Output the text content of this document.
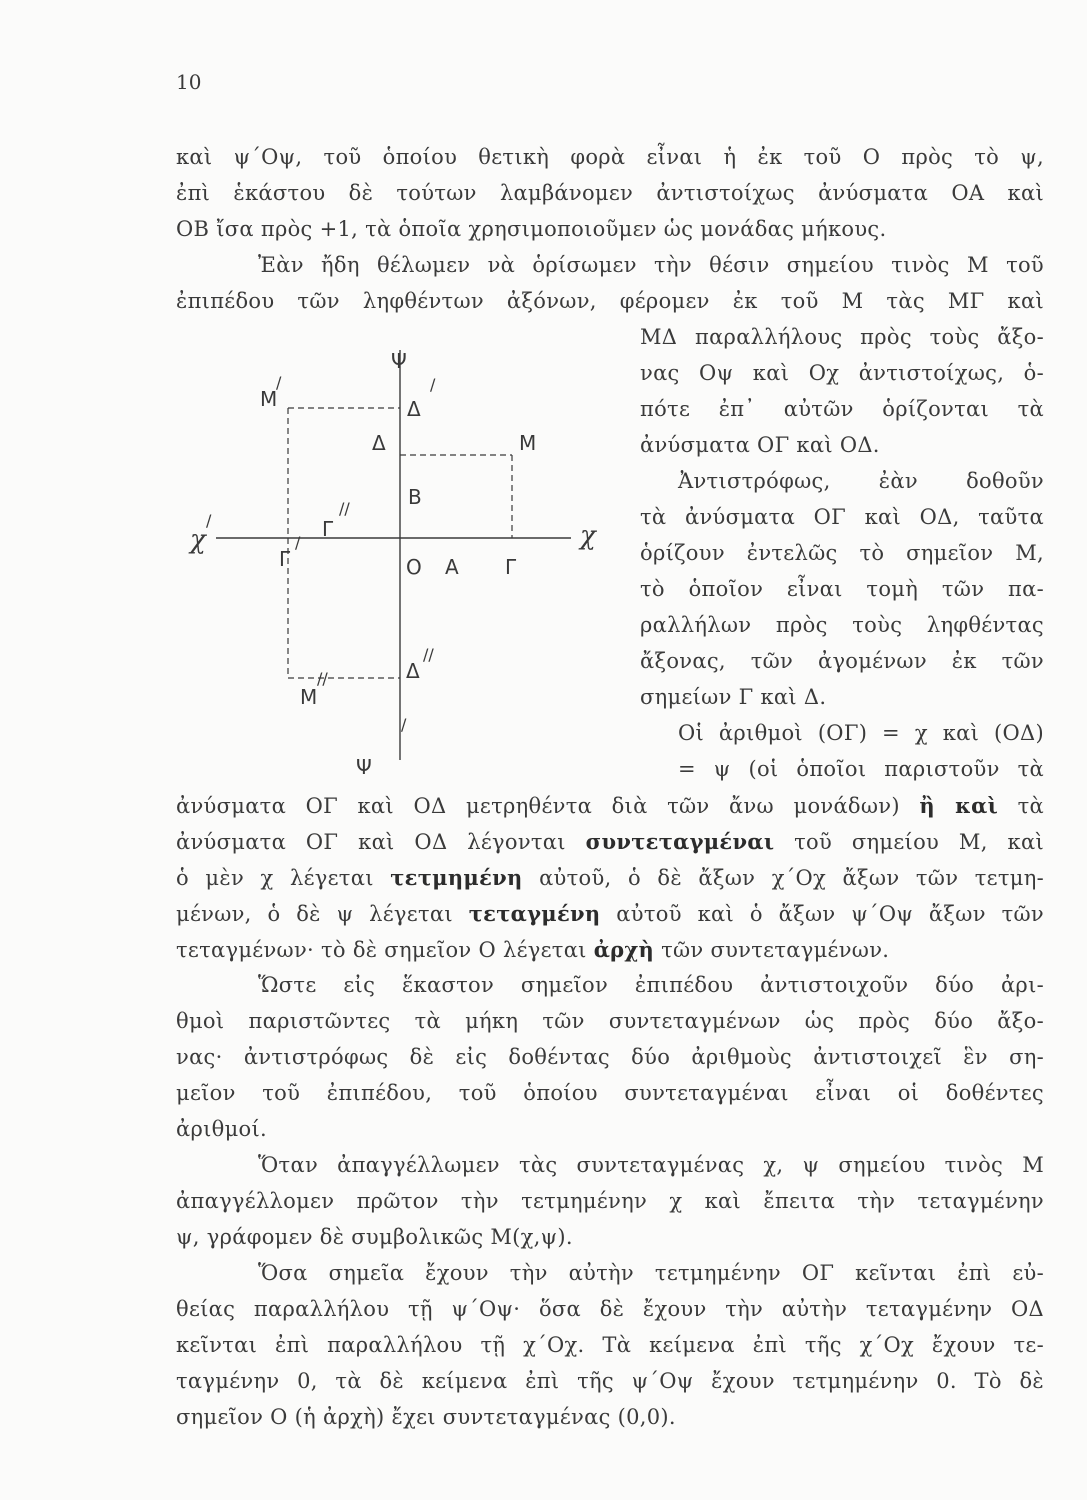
10
καὶ ψ΄Οψ, τοῦ ὁποίου θετικὴ φορὰ εἶναι ἡ ἐκ τοῦ Ο πρὸς τὸ ψ,
ἐπὶ ἑκάστου δὲ τούτων λαμβάνομεν ἀντιστοίχως ἀνύσματα ΟΑ καὶ
ΟΒ ἴσα πρὸς +1, τὰ ὁποῖα χρησιμοποιοῦμεν ὡς μονάδας μήκους.
Ἐὰν ἤδη θέλωμεν νὰ ὁρίσωμεν τὴν θέσιν σημείου τινὸς Μ τοῦ
ἐπιπέδου τῶν ληφθέντων ἀξόνων, φέρομεν ἐκ τοῦ Μ τὰς ΜΓ καὶ
ΜΔ παραλλήλους πρὸς τοὺς ἄξο-
νας Οψ καὶ Οχ ἀντιστοίχως, ὁ-
πότε ἐπ᾿ αὐτῶν ὁρίζονται τὰ
ἀνύσματα ΟΓ καὶ ΟΔ.
Ἀντιστρόφως, ἐὰν δοθοῦν
τὰ ἀνύσματα ΟΓ καὶ ΟΔ, ταῦτα
ὁρίζουν ἐντελῶς τὸ σημεῖον Μ,
τὸ ὁποῖον εἶναι τομὴ τῶν πα-
ραλλήλων πρὸς τοὺς ληφθέντας
ἄξονας, τῶν ἀγομένων ἐκ τῶν
σημείων Γ καὶ Δ.
Οἱ ἀριθμοὶ (ΟΓ) = χ καὶ (ΟΔ)
= ψ (οἱ ὁποῖοι παριστοῦν τὰ
ἀνύσματα ΟΓ καὶ ΟΔ μετρηθέντα διὰ τῶν ἄνω μονάδων) ἢ καὶ τὰ
ἀνύσματα ΟΓ καὶ ΟΔ λέγονται συντεταγμέναι τοῦ σημείου Μ, καὶ
ὁ μὲν χ λέγεται τετμημένη αὐτοῦ, ὁ δὲ ἄξων χ΄Οχ ἄξων τῶν τετμη-
μένων, ὁ δὲ ψ λέγεται τεταγμένη αὐτοῦ καὶ ὁ ἄξων ψ΄Οψ ἄξων τῶν
τεταγμένων· τὸ δὲ σημεῖον Ο λέγεται ἀρχὴ τῶν συντεταγμένων.
Ὥστε εἰς ἕκαστον σημεῖον ἐπιπέδου ἀντιστοιχοῦν δύο ἀρι-
θμοὶ παριστῶντες τὰ μήκη τῶν συντεταγμένων ὡς πρὸς δύο ἄξο-
νας· ἀντιστρόφως δὲ εἰς δοθέντας δύο ἀριθμοὺς ἀντιστοιχεῖ ἓν ση-
μεῖον τοῦ ἐπιπέδου, τοῦ ὁποίου συντεταγμέναι εἶναι οἱ δοθέντες
ἀριθμοί.
Ὅταν ἀπαγγέλλωμεν τὰς συντεταγμένας χ, ψ σημείου τινὸς Μ
ἀπαγγέλλομεν πρῶτον τὴν τετμημένην χ καὶ ἔπειτα τὴν τεταγμένην
ψ, γράφομεν δὲ συμβολικῶς Μ(χ,ψ).
Ὅσα σημεῖα ἔχουν τὴν αὐτὴν τετμημένην ΟΓ κεῖνται ἐπὶ εὐ-
θείας παραλλήλου τῇ ψ΄Οψ· ὅσα δὲ ἔχουν τὴν αὐτὴν τεταγμένην ΟΔ
κεῖνται ἐπὶ παραλλήλου τῇ χ΄Οχ. Τὰ κείμενα ἐπὶ τῆς χ΄Οχ ἔχουν τε-
ταγμένην 0, τὰ δὲ κείμενα ἐπὶ τῆς ψ΄Οψ ἔχουν τετμημένην 0. Τὸ δὲ
σημεῖον Ο (ἡ ἀρχὴ) ἔχει συντεταγμένας (0,0).
Ψ
Μ
/
Δ
/
Δ	Μ
Β
Γ
//
Γ
/
Ο Α Γ
Δ
//
Μ
//
/
Ψ
χ
/
χ
